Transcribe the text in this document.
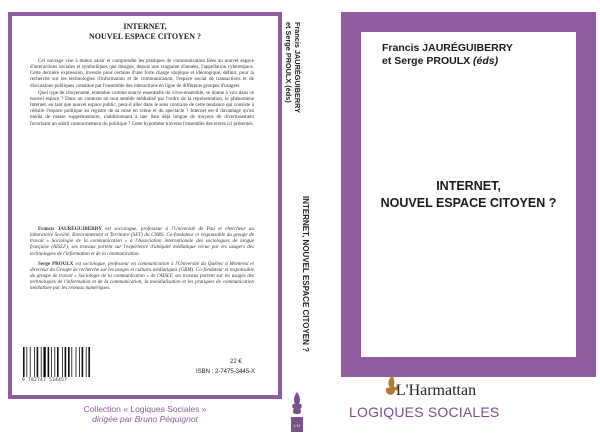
INTERNET,
NOUVEL ESPACE CITOYEN ?

Cet ouvrage vise à mieux saisir et comprendre les pratiques de communication liées au nouvel espace d'interactions sociales et symboliques que désigne, depuis une vingtaine d'années, l'appellation cyberespace. Cette dernière expression, investie pour certains d'une forte charge utopique et idéologique, définit, pour la recherche sur les technologies d'information et de communication, l'espace social de transactions et de discussions publiques constitué par l'ensemble des interactions en ligne de différents groupes d'usagers.

Quel type de citoyenneté, entendue comme source essentielle du vivre-ensemble, se donne à voir dans ce nouvel espace ? Dans un contexte où tout semble médiatisé par l'ordre de la représentation, le phénomène Internet, en tant que nouvel espace public, peut-il aller dans le sens contraire de cette tendance qui consiste à réduire l'espace politique au registre de sa mise en scène et du spectacle ? Internet est-il davantage qu'un média de masse supplémentaire, s'additionnant à une liste déjà longue de moyens de divertissement favorisant un subtil contournement du politique ? Cette hypothèse traverse l'ensemble des textes ici présentés.

Francis JAURÉGUIBERRY est sociologue, professeur à l'Université de Pau et chercheur au laboratoire Société, Environnement et Territoire (SET) du CNRS. Co-fondateur et responsable du groupe de travail « Sociologie de la communication » à l'Association internationale des sociologues de langue française (AISLF), ses travaux portent sur l'expérience d'ubiquité médiatique vécue par les usagers des technologies de l'information et de la communication.

Serge PROULX est sociologue, professeur en communication à l'Université du Québec à Montréal et directeur du Groupe de recherche sur les usages et cultures médiatiques (GRM). Co-fondateur et responsable du groupe de travail « Sociologie de la communication » de l'AISLF, ses travaux portent sur les usages des technologies de l'information et de la communication, la mondialisation et les pratiques de communication médiatisée par les réseaux numériques.

9 782747 534457
22 €
ISBN : 2-7475-3445-X
Collection « Logiques Sociales »
dirigée par Bruno Péquignot
Francis JAURÉGUIBERRY
et Serge PROULX (éds)
INTERNET, NOUVEL ESPACE CITOYEN ?
L'H
Francis JAURÉGUIBERRY
et Serge PROULX (éds)
INTERNET,
NOUVEL ESPACE CITOYEN ?
L'Harmattan
LOGIQUES SOCIALES
